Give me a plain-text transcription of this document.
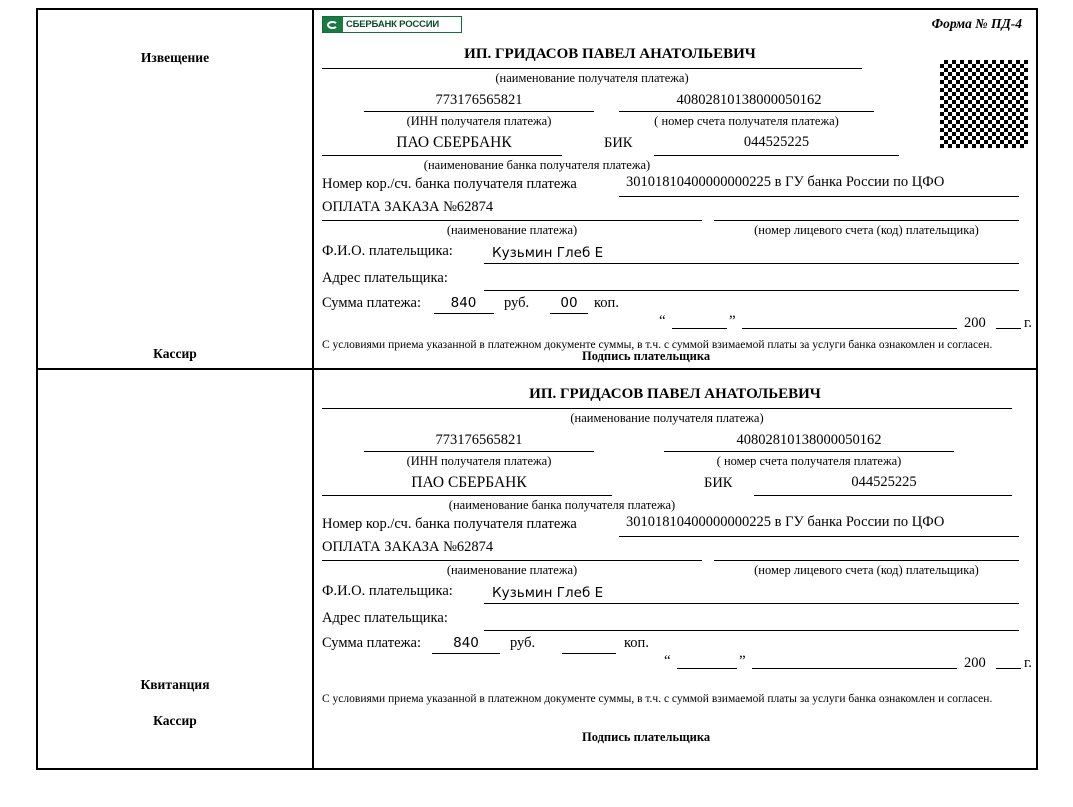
Извещение
Кассир
СБЕРБАНК РОССИИ	Форма № ПД-4
ИП. ГРИДАСОВ ПАВЕЛ АНАТОЛЬЕВИЧ
(наименование получателя платежа)
773176565821
(ИНН получателя платежа)
40802810138000050162
( номер счета получателя платежа)
ПАО СБЕРБАНК	БИК	044525225
(наименование банка получателя платежа)
Номер кор./сч. банка получателя платежа	30101810400000000225 в ГУ банка России по ЦФО
ОПЛАТА ЗАКАЗА №62874
(наименование платежа)	(номер лицевого счета (код) плательщика)
Ф.И.О. плательщика:	Кузьмин Глеб Е
Адрес плательщика:
Сумма платежа:	840	руб.	00	коп.
“	”	200	г.
С условиями приема указанной в платежном документе суммы, в т.ч. с суммой взимаемой платы за услуги банка ознакомлен и согласен.
Подпись плательщика
Квитанция
Кассир
ИП. ГРИДАСОВ ПАВЕЛ АНАТОЛЬЕВИЧ
(наименование получателя платежа)
773176565821
(ИНН получателя платежа)
40802810138000050162
( номер счета получателя платежа)
ПАО СБЕРБАНК	БИК	044525225
(наименование банка получателя платежа)
Номер кор./сч. банка получателя платежа	30101810400000000225 в ГУ банка России по ЦФО
ОПЛАТА ЗАКАЗА №62874
(наименование платежа)	(номер лицевого счета (код) плательщика)
Ф.И.О. плательщика:	Кузьмин Глеб Е
Адрес плательщика:
Сумма платежа:	840	руб.	коп.
“	”	200	г.
С условиями приема указанной в платежном документе суммы, в т.ч. с суммой взимаемой платы за услуги банка ознакомлен и согласен.
Подпись плательщика
